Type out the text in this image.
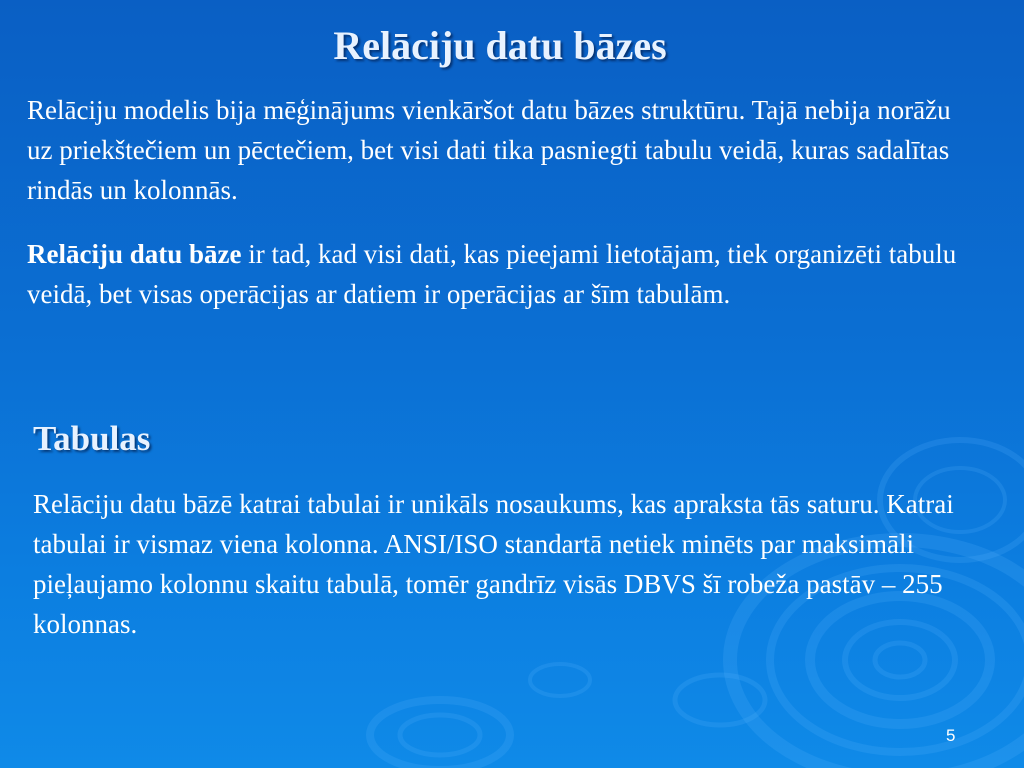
Relāciju datu bāzes

Relāciju modelis bija mēģinājums vienkāršot datu bāzes struktūru. Tajā nebija norāžu uz priekštečiem un pēctečiem, bet visi dati tika pasniegti tabulu veidā, kuras sadalītas rindās un kolonnās.

Relāciju datu bāze ir tad, kad visi dati, kas pieejami lietotājam, tiek organizēti tabulu veidā, bet visas operācijas ar datiem ir operācijas ar šīm tabulām.

Tabulas

Relāciju datu bāzē katrai tabulai ir unikāls nosaukums, kas apraksta tās saturu. Katrai tabulai ir vismaz viena kolonna. ANSI/ISO standartā netiek minēts par maksimāli pieļaujamo kolonnu skaitu tabulā, tomēr gandrīz visās DBVS šī robeža pastāv – 255 kolonnas.

5
